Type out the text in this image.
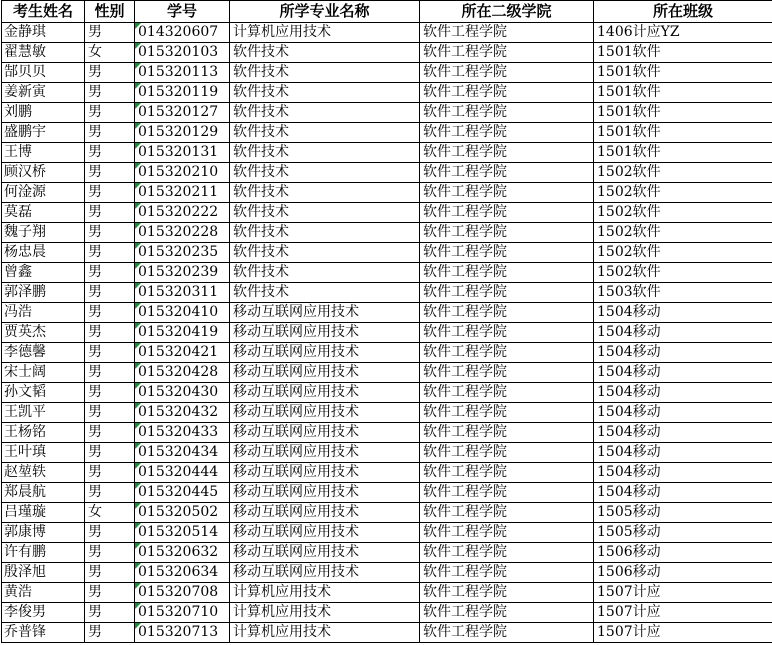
考生姓名	性别	学号	所学专业名称	所在二级学院	所在班级
金静琪	男	014320607	计算机应用技术	软件工程学院	1406计应YZ
翟慧敏	女	015320103	软件技术	软件工程学院	1501软件
郜贝贝	男	015320113	软件技术	软件工程学院	1501软件
姜新寅	男	015320119	软件技术	软件工程学院	1501软件
刘鹏	男	015320127	软件技术	软件工程学院	1501软件
盛鹏宇	男	015320129	软件技术	软件工程学院	1501软件
王博	男	015320131	软件技术	软件工程学院	1501软件
顾汉桥	男	015320210	软件技术	软件工程学院	1502软件
何淦源	男	015320211	软件技术	软件工程学院	1502软件
莫磊	男	015320222	软件技术	软件工程学院	1502软件
魏子翔	男	015320228	软件技术	软件工程学院	1502软件
杨忠晨	男	015320235	软件技术	软件工程学院	1502软件
曾鑫	男	015320239	软件技术	软件工程学院	1502软件
郭泽鹏	男	015320311	软件技术	软件工程学院	1503软件
冯浩	男	015320410	移动互联网应用技术	软件工程学院	1504移动
贾英杰	男	015320419	移动互联网应用技术	软件工程学院	1504移动
李德馨	男	015320421	移动互联网应用技术	软件工程学院	1504移动
宋士阔	男	015320428	移动互联网应用技术	软件工程学院	1504移动
孙文韬	男	015320430	移动互联网应用技术	软件工程学院	1504移动
王凯平	男	015320432	移动互联网应用技术	软件工程学院	1504移动
王杨铭	男	015320433	移动互联网应用技术	软件工程学院	1504移动
王叶瑱	男	015320434	移动互联网应用技术	软件工程学院	1504移动
赵堃轶	男	015320444	移动互联网应用技术	软件工程学院	1504移动
郑晨航	男	015320445	移动互联网应用技术	软件工程学院	1504移动
吕瑾璇	女	015320502	移动互联网应用技术	软件工程学院	1505移动
郭康博	男	015320514	移动互联网应用技术	软件工程学院	1505移动
许有鹏	男	015320632	移动互联网应用技术	软件工程学院	1506移动
殷泽旭	男	015320634	移动互联网应用技术	软件工程学院	1506移动
黄浩	男	015320708	计算机应用技术	软件工程学院	1507计应
李俊男	男	015320710	计算机应用技术	软件工程学院	1507计应
乔普锋	男	015320713	计算机应用技术	软件工程学院	1507计应
